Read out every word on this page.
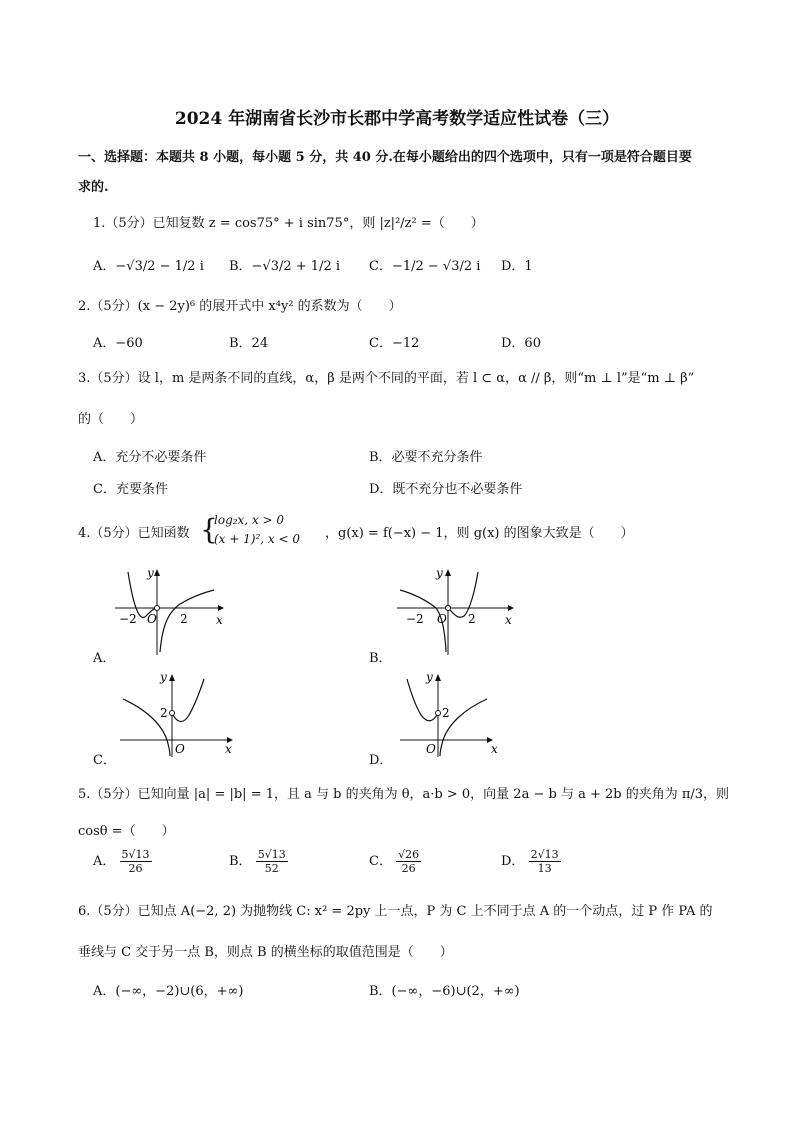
2024 年湖南省长沙市长郡中学高考数学适应性试卷（三）
一、选择题：本题共 8 小题，每小题 5 分，共 40 分.在每小题给出的四个选项中，只有一项是符合题目要
求的.
1.（5分）已知复数 z = cos75° + i sin75°，则 |z|²/z² =（　　）
A．−√3/2 − 1/2 i B．−√3/2 + 1/2 i C．−1/2 − √3/2 i D．1
2.（5分）(x − 2y)⁶ 的展开式中 x⁴y² 的系数为（　　）
A．−60	B．24	C．−12	D．60
3.（5分）设 l，m 是两条不同的直线，α，β 是两个不同的平面，若 l ⊂ α，α // β，则“m ⊥ l”是“m ⊥ β”
的（　　）
A．充分不必要条件	B．必要不充分条件
C．充要条件	D．既不充分也不必要条件
4.（5分）已知函数 {
log₂x, x > 0
(x + 1)², x < 0 ，g(x) = f(−x) − 1，则 g(x) 的图象大致是（　　）
y
x
O
−2	2
A．
y
x
O
−2	2
B．
y
x
O
2
C．
y
x
O
2
D．
5.（5分）已知向量 |a| = |b| = 1，且 a 与 b 的夹角为 θ，a·b > 0，向量 2a − b 与 a + 2b 的夹角为 π/3，则
cosθ =（　　）
A． $\frac{5√13}{26}$	B． $\frac{5√13}{52}$	C． $\frac{√26}{26}$	D． $\frac{2√13}{13}$
6.（5分）已知点 A(−2, 2) 为抛物线 C: x² = 2py 上一点，P 为 C 上不同于点 A 的一个动点，过 P 作 PA 的
垂线与 C 交于另一点 B，则点 B 的横坐标的取值范围是（　　）
A．(−∞，−2)∪(6，+∞)	B．(−∞，−6)∪(2，+∞)
